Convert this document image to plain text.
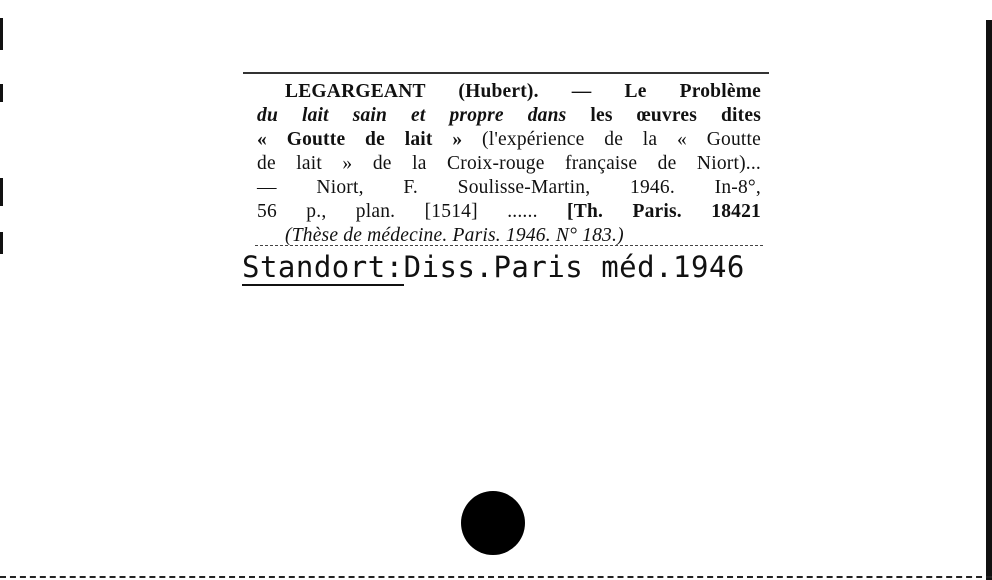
LEGARGEANT (Hubert). — Le Problème
du lait sain et propre dans les œuvres dites
« Goutte de lait » (l'expérience de la « Goutte
de lait » de la Croix-rouge française de Niort)...
— Niort, F. Soulisse-Martin, 1946. In-8°,
56 p., plan. [1514] ...... [Th. Paris. 18421
(Thèse de médecine. Paris. 1946. N° 183.)
Standort:Diss.Paris méd.1946
